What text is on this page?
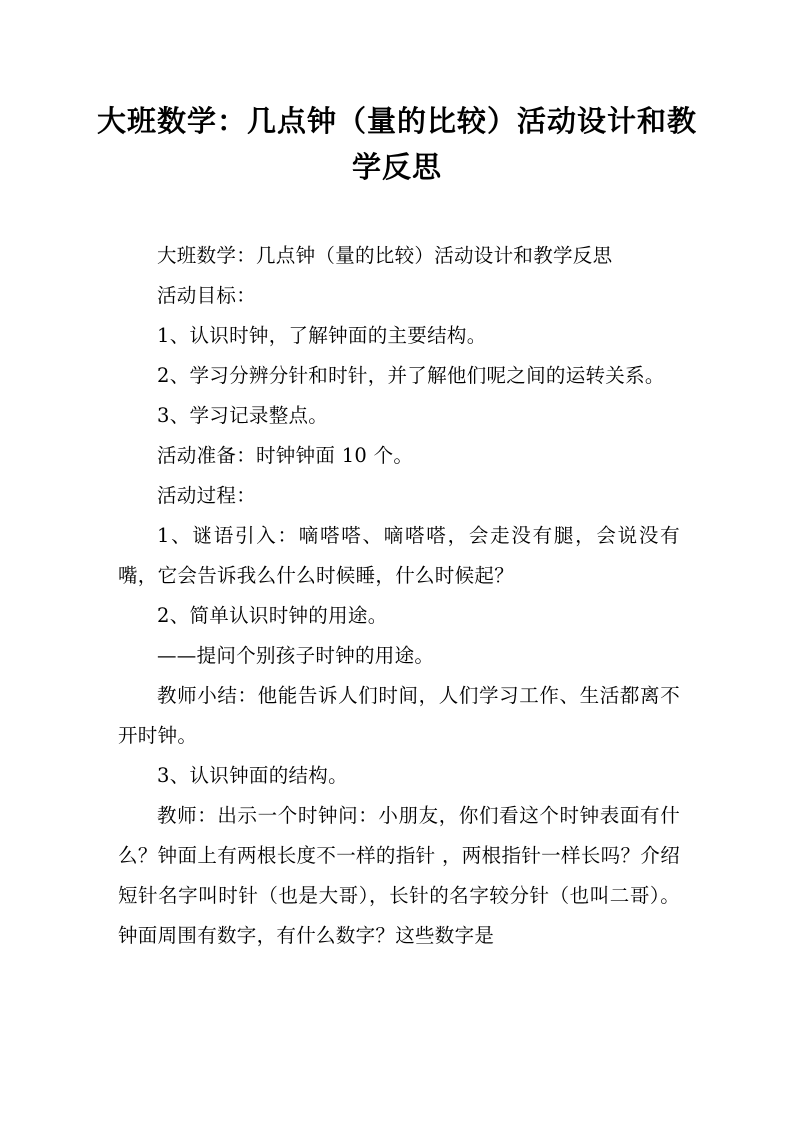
大班数学：几点钟（量的比较）活动设计和教学反思

大班数学：几点钟（量的比较）活动设计和教学反思

活动目标：

1、认识时钟，了解钟面的主要结构。

2、学习分辨分针和时针，并了解他们呢之间的运转关系。

3、学习记录整点。

活动准备：时钟钟面 10 个。

活动过程：

1、谜语引入：嘀嗒嗒、嘀嗒嗒，会走没有腿，会说没有嘴，它会告诉我么什么时候睡，什么时候起？

2、简单认识时钟的用途。

——提问个别孩子时钟的用途。

教师小结：他能告诉人们时间，人们学习工作、生活都离不开时钟。

3、认识钟面的结构。

教师：出示一个时钟问：小朋友，你们看这个时钟表面有什么？钟面上有两根长度不一样的指针 ，两根指针一样长吗？介绍短针名字叫时针（也是大哥），长针的名字较分针（也叫二哥）。钟面周围有数字，有什么数字？这些数字是
